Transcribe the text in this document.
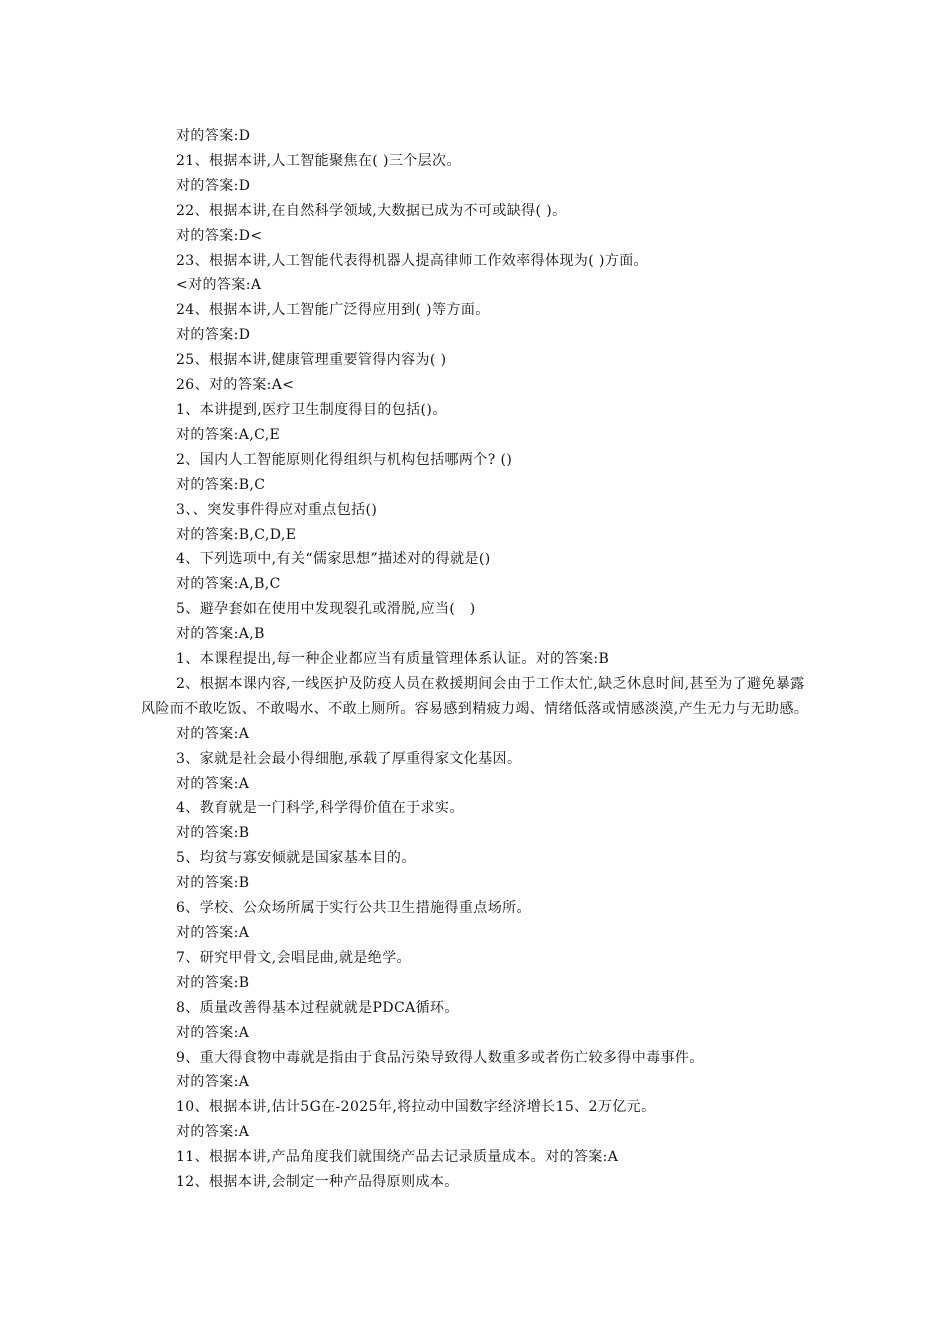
对的答案:D
21、根据本讲,人工智能聚焦在( )三个层次。
对的答案:D
22、根据本讲,在自然科学领域,大数据已成为不可或缺得( )。
对的答案:D<
23、根据本讲,人工智能代表得机器人提高律师工作效率得体现为( )方面。
<对的答案:A
24、根据本讲,人工智能广泛得应用到( )等方面。
对的答案:D
25、根据本讲,健康管理重要管得内容为( )
26、对的答案:A<
1、本讲提到,医疗卫生制度得目的包括()。
对的答案:A,C,E
2、国内人工智能原则化得组织与机构包括哪两个? ()
对的答案:B,C
3、、突发事件得应对重点包括()
对的答案:B,C,D,E
4、下列选项中,有关“儒家思想”描述对的得就是()
对的答案:A,B,C
5、避孕套如在使用中发现裂孔或滑脱,应当(   )
对的答案:A,B
1、本课程提出,每一种企业都应当有质量管理体系认证。对的答案:B
2、根据本课内容,一线医护及防疫人员在救援期间会由于工作太忙,缺乏休息时间,甚至为了避免暴露风险而不敢吃饭、不敢喝水、不敢上厕所。容易感到精疲力竭、情绪低落或情感淡漠,产生无力与无助感。
对的答案:A
3、家就是社会最小得细胞,承载了厚重得家文化基因。
对的答案:A
4、教育就是一门科学,科学得价值在于求实。
对的答案:B
5、均贫与寡安倾就是国家基本目的。
对的答案:B
6、学校、公众场所属于实行公共卫生措施得重点场所。
对的答案:A
7、研究甲骨文,会唱昆曲,就是绝学。
对的答案:B
8、质量改善得基本过程就就是PDCA循环。
对的答案:A
9、重大得食物中毒就是指由于食品污染导致得人数重多或者伤亡较多得中毒事件。
对的答案:A
10、根据本讲,估计5G在-2025年,将拉动中国数字经济增长15、2万亿元。
对的答案:A
11、根据本讲,产品角度我们就围绕产品去记录质量成本。对的答案:A
12、根据本讲,会制定一种产品得原则成本。
